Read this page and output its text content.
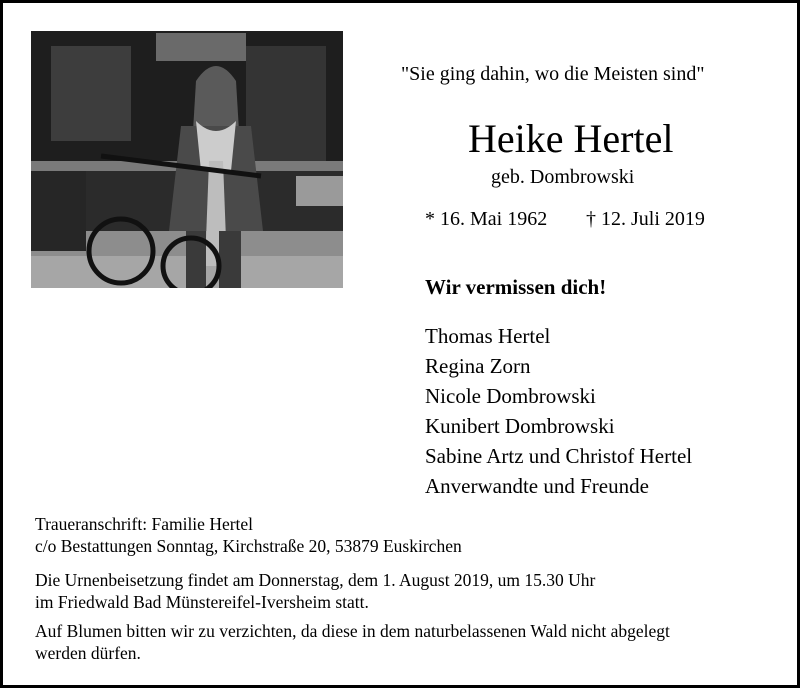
"Sie ging dahin, wo die Meisten sind"
Heike Hertel
geb. Dombrowski
* 16. Mai 1962 † 12. Juli 2019
Wir vermissen dich!
Thomas Hertel
Regina Zorn
Nicole Dombrowski
Kunibert Dombrowski
Sabine Artz und Christof Hertel
Anverwandte und Freunde
Traueranschrift: Familie Hertel
c/o Bestattungen Sonntag, Kirchstraße 20, 53879 Euskirchen
Die Urnenbeisetzung findet am Donnerstag, dem 1. August 2019, um 15.30 Uhr
im Friedwald Bad Münstereifel-Iversheim statt.
Auf Blumen bitten wir zu verzichten, da diese in dem naturbelassenen Wald nicht abgelegt
werden dürfen.
